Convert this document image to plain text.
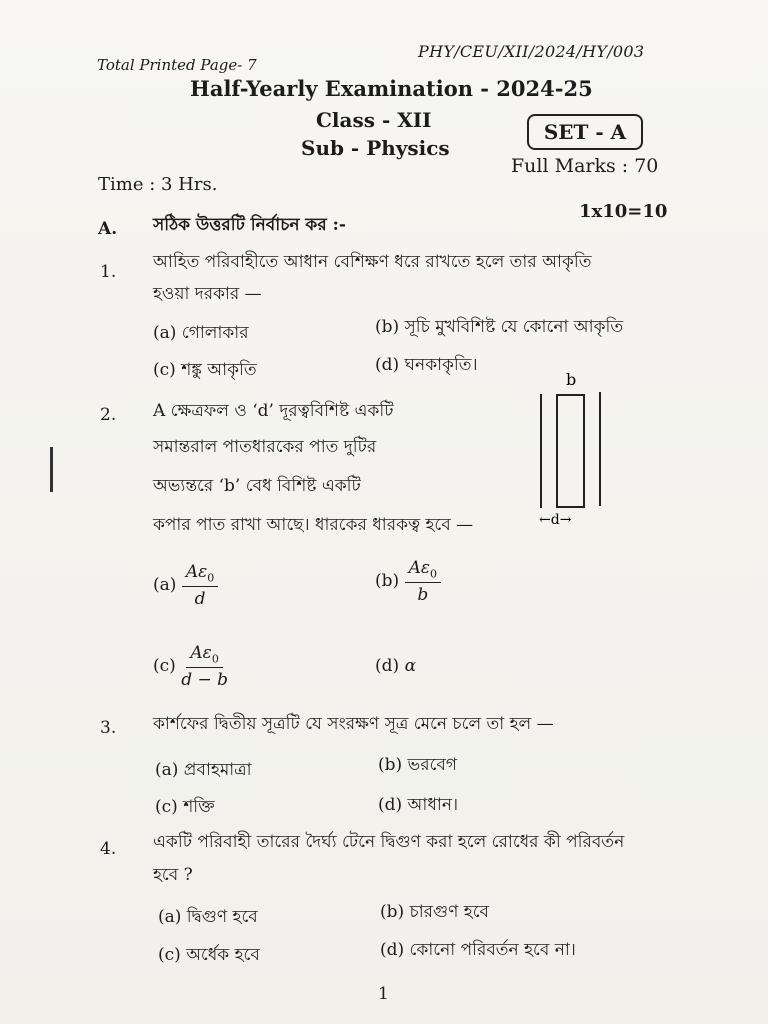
Total Printed Page- 7
PHY/CEU/XII/2024/HY/003
Half-Yearly Examination - 2024-25
Class - XII
Sub - Physics
SET - A
Full Marks : 70
Time : 3 Hrs.
A. সঠিক উত্তরটি নির্বাচন কর :-
1x10=10
1. আহিত পরিবাহীতে আধান বেশিক্ষণ ধরে রাখতে হলে তার আকৃতি
হওয়া দরকার —
(a) গোলাকার	(b) সূচি মুখবিশিষ্ট যে কোনো আকৃতি
(c) শঙ্কু আকৃতি	(d) ঘনকাকৃতি।
2. A ক্ষেত্রফল ও ‘d’ দূরত্ববিশিষ্ট একটি
সমান্তরাল পাতধারকের পাত দুটির
অভ্যন্তরে ‘b’ বেধ বিশিষ্ট একটি
কপার পাত রাখা আছে। ধারকের ধারকত্ব হবে —
b
←d→
$(a) \frac{A\varepsilon_0}{d}$	$(b) \frac{A\varepsilon_0}{b}$
$(c) \frac{A\varepsilon_0}{d - b}$	(d) α
3. কার্শফের দ্বিতীয় সূত্রটি যে সংরক্ষণ সূত্র মেনে চলে তা হল —
(a) প্রবাহমাত্রা	(b) ভরবেগ
(c) শক্তি	(d) আধান।
4. একটি পরিবাহী তারের দৈর্ঘ্য টেনে দ্বিগুণ করা হলে রোধের কী পরিবর্তন
হবে ?
(a) দ্বিগুণ হবে	(b) চারগুণ হবে
(c) অর্ধেক হবে	(d) কোনো পরিবর্তন হবে না।
1
